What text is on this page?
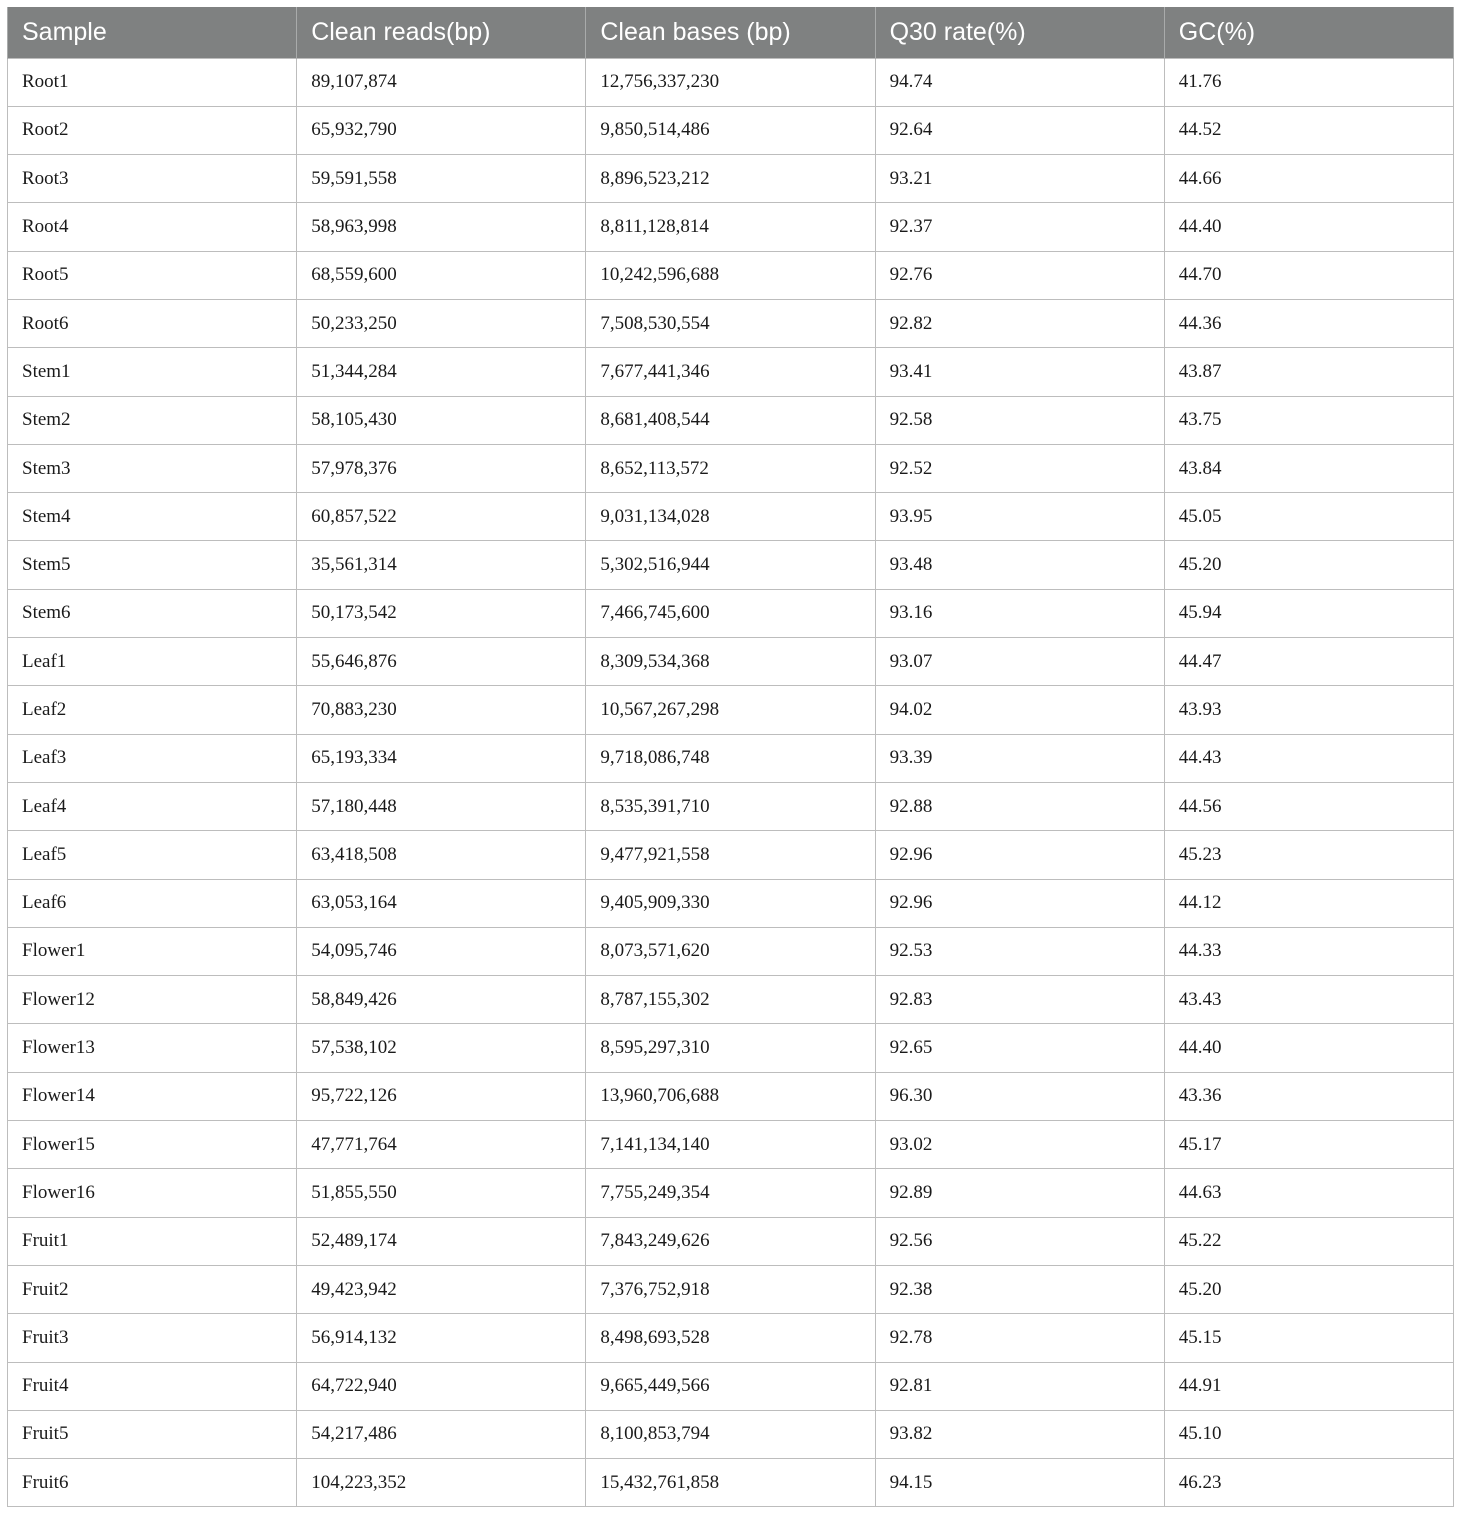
Sample	Clean reads(bp)	Clean bases (bp)	Q30 rate(%)	GC(%)
Root1	89,107,874	12,756,337,230	94.74	41.76
Root2	65,932,790	9,850,514,486	92.64	44.52
Root3	59,591,558	8,896,523,212	93.21	44.66
Root4	58,963,998	8,811,128,814	92.37	44.40
Root5	68,559,600	10,242,596,688	92.76	44.70
Root6	50,233,250	7,508,530,554	92.82	44.36
Stem1	51,344,284	7,677,441,346	93.41	43.87
Stem2	58,105,430	8,681,408,544	92.58	43.75
Stem3	57,978,376	8,652,113,572	92.52	43.84
Stem4	60,857,522	9,031,134,028	93.95	45.05
Stem5	35,561,314	5,302,516,944	93.48	45.20
Stem6	50,173,542	7,466,745,600	93.16	45.94
Leaf1	55,646,876	8,309,534,368	93.07	44.47
Leaf2	70,883,230	10,567,267,298	94.02	43.93
Leaf3	65,193,334	9,718,086,748	93.39	44.43
Leaf4	57,180,448	8,535,391,710	92.88	44.56
Leaf5	63,418,508	9,477,921,558	92.96	45.23
Leaf6	63,053,164	9,405,909,330	92.96	44.12
Flower1	54,095,746	8,073,571,620	92.53	44.33
Flower12	58,849,426	8,787,155,302	92.83	43.43
Flower13	57,538,102	8,595,297,310	92.65	44.40
Flower14	95,722,126	13,960,706,688	96.30	43.36
Flower15	47,771,764	7,141,134,140	93.02	45.17
Flower16	51,855,550	7,755,249,354	92.89	44.63
Fruit1	52,489,174	7,843,249,626	92.56	45.22
Fruit2	49,423,942	7,376,752,918	92.38	45.20
Fruit3	56,914,132	8,498,693,528	92.78	45.15
Fruit4	64,722,940	9,665,449,566	92.81	44.91
Fruit5	54,217,486	8,100,853,794	93.82	45.10
Fruit6	104,223,352	15,432,761,858	94.15	46.23
